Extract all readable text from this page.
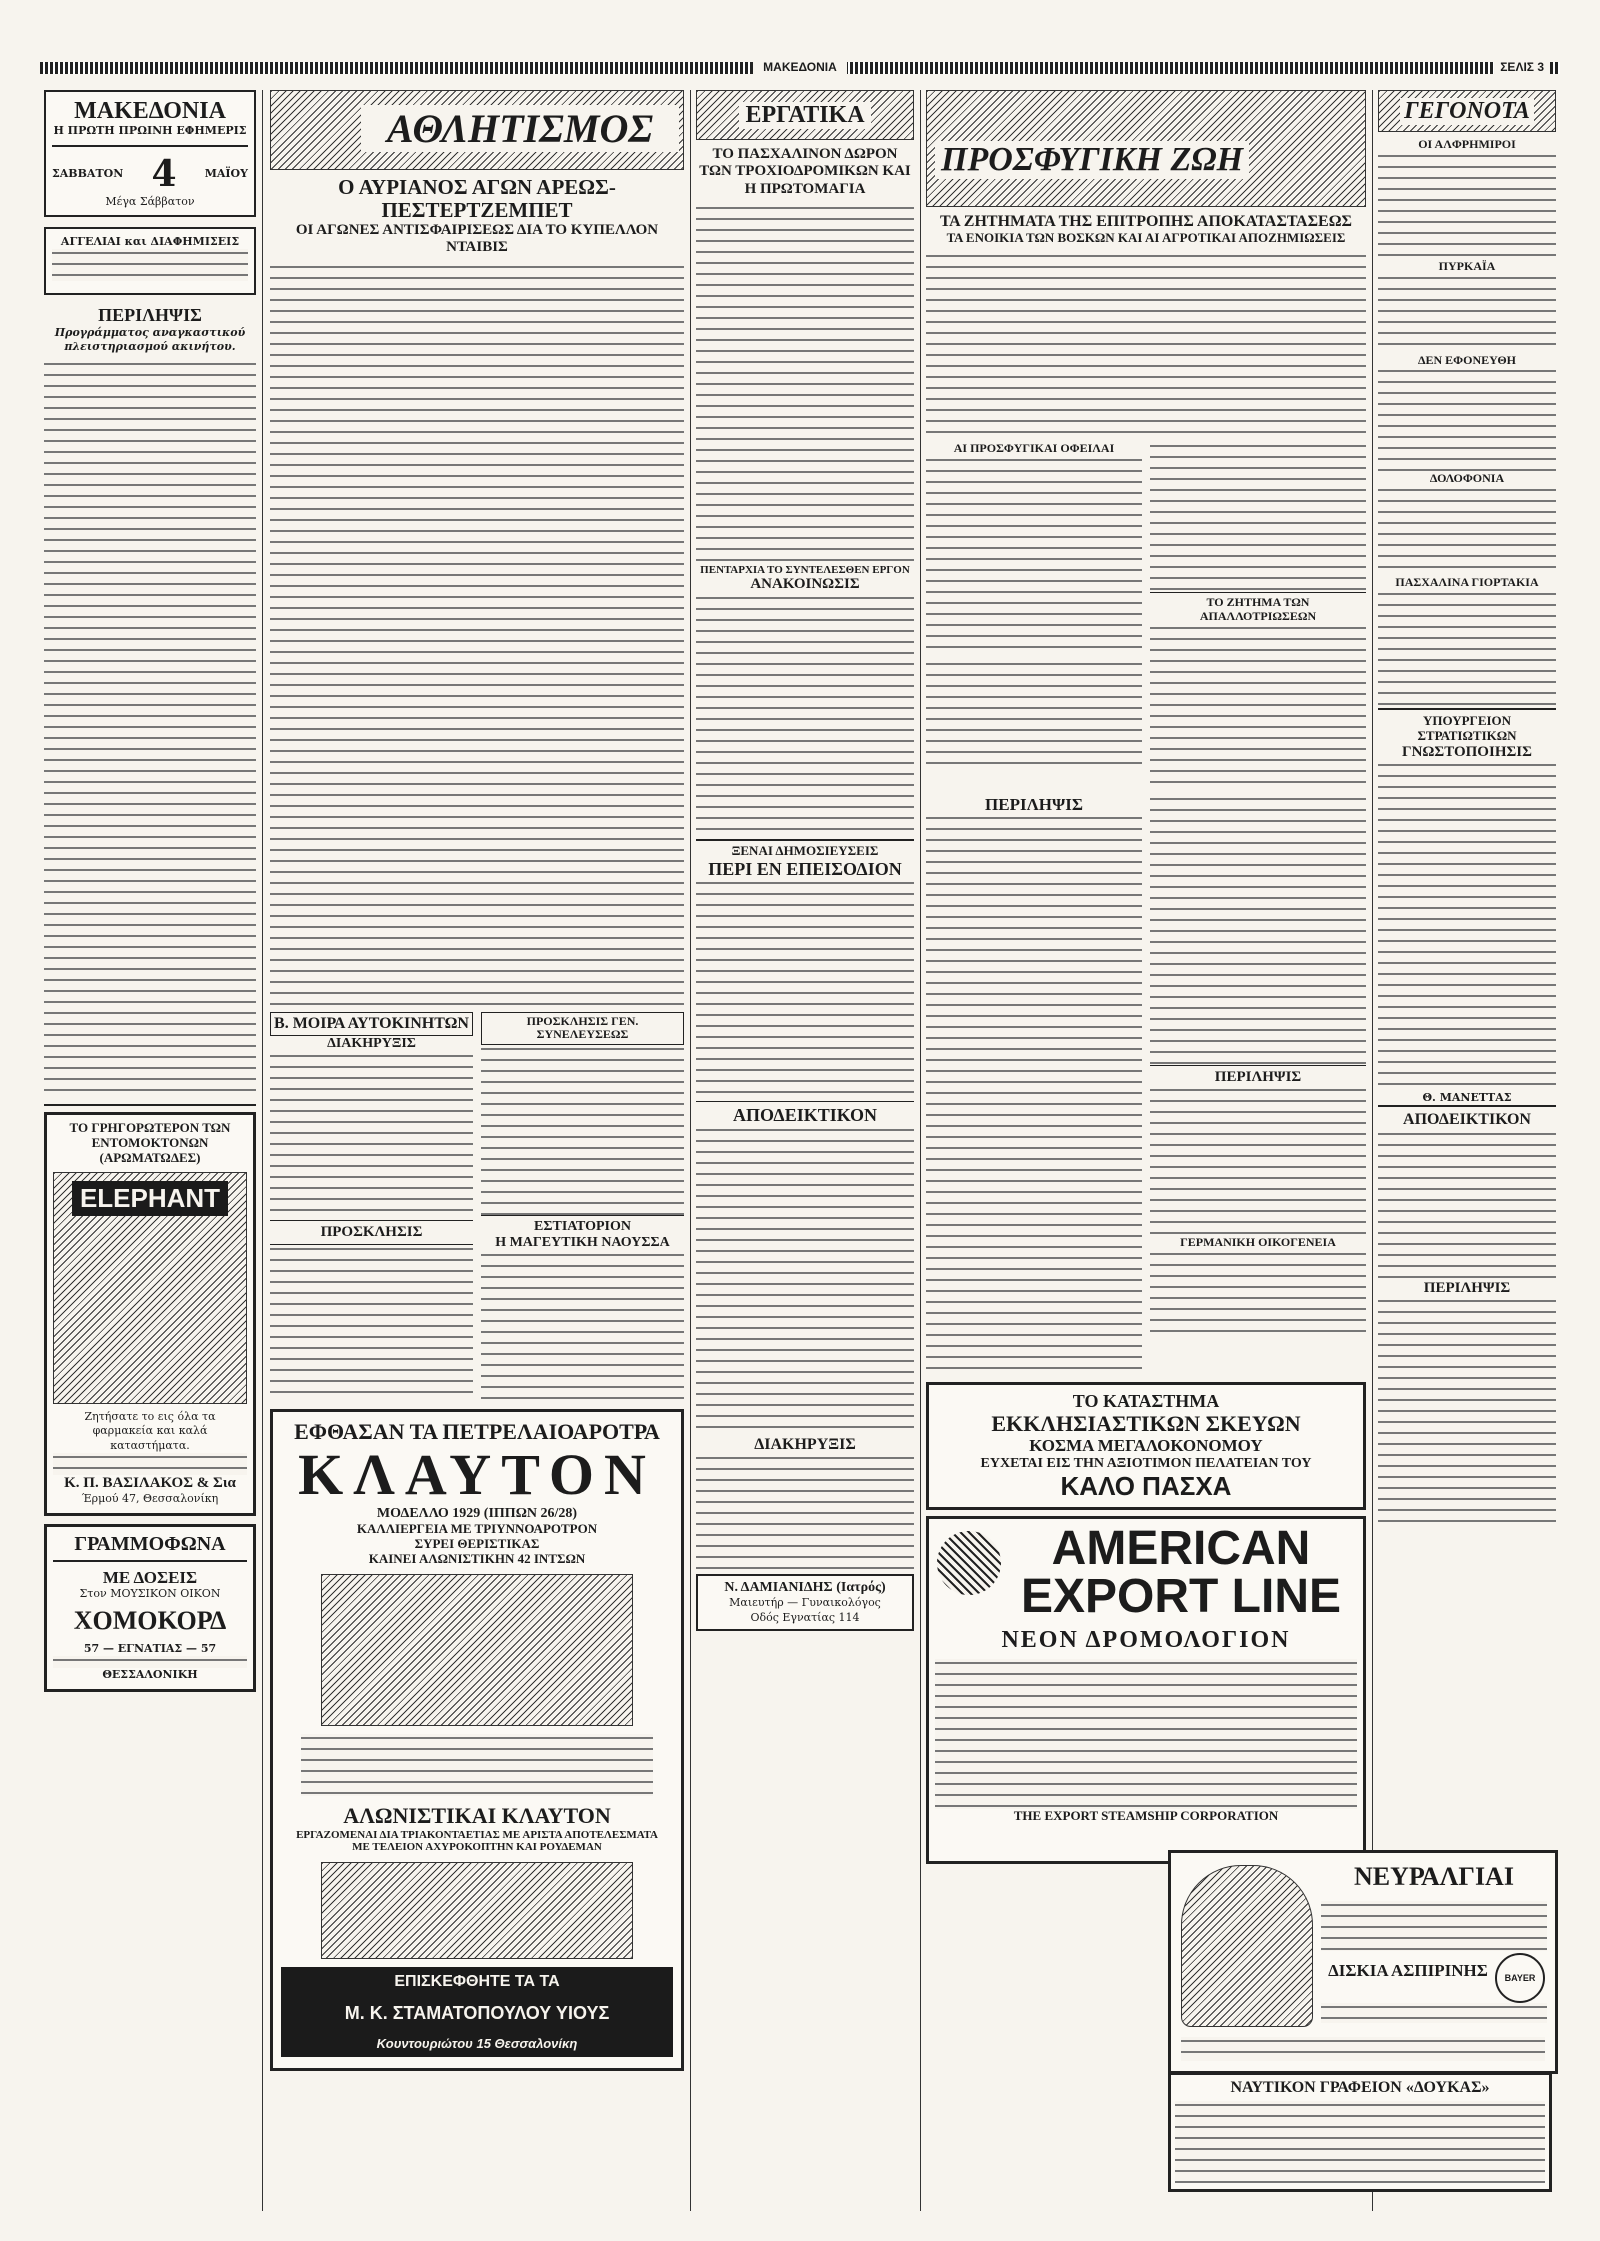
ΜΑΚΕΔΟΝΙΑ	ΣΕΛΙΣ 3
ΜΑΚΕΔΟΝΙΑ
Η ΠΡΩΤΗ ΠΡΩΙΝΗ ΕΦΗΜΕΡΙΣ
ΣΑΒΒΑΤΟΝ 4	ΜΑΪΟΥ
Μέγα Σάββατον
ΑΓΓΕΛΙΑΙ και ΔΙΑΦΗΜΙΣΕΙΣ
ΠΕΡΙΛΗΨΙΣ
Προγράμματος αναγκαστικού πλειστηριασμού ακινήτου.
ΤΟ ΓΡΗΓΟΡΩΤΕΡΟΝ ΤΩΝ ΕΝΤΟΜΟΚΤΟΝΩΝ (ΑΡΩΜΑΤΩΔΕΣ)
ELEPHANT
Ζητήσατε το εις όλα τα φαρμακεία και καλά καταστήματα.
Κ. Π. ΒΑΣΙΛΑΚΟΣ & Σια
Έρμού 47, Θεσσαλονίκη
ΓΡΑΜΜΟΦΩΝΑ
ΜΕ ΔΟΣΕΙΣ
Στον ΜΟΥΣΙΚΟΝ ΟΙΚΟΝ
ΧΟΜΟΚΟΡΔ
57 — ΕΓΝΑΤΙΑΣ — 57
ΘΕΣΣΑΛΟΝΙΚΗ
ΑΘΛΗΤΙΣΜΟΣ
Ο ΑΥΡΙΑΝΟΣ ΑΓΩΝ ΑΡΕΩΣ-ΠΕΣΤΕΡΤΖΕΜΠΕΤ
ΟΙ ΑΓΩΝΕΣ ΑΝΤΙΣΦΑΙΡΙΣΕΩΣ ΔΙΑ ΤΟ ΚΥΠΕΛΛΟΝ ΝΤΑΙΒΙΣ
Β. ΜΟΙΡΑ ΑΥΤΟΚΙΝΗΤΩΝ
ΔΙΑΚΗΡΥΞΙΣ
ΠΡΟΣΚΛΗΣΙΣ
ΠΡΟΣΚΛΗΣΙΣ ΓΕΝ. ΣΥΝΕΛΕΥΣΕΩΣ
ΕΣΤΙΑΤΟΡΙΟΝ
Η ΜΑΓΕΥΤΙΚΗ ΝΑΟΥΣΣΑ
ΕΦΘΑΣΑΝ ΤΑ ΠΕΤΡΕΛΑΙΟΑΡΟΤΡΑ
ΚΛΑΥΤΟΝ
ΜΟΔΕΛΛΟ 1929 (ΙΠΠΩΝ 26/28)
ΚΑΛΛΙΕΡΓΕΙΑ ΜΕ ΤΡΙΥΝΝΟΑΡΟΤΡΟΝ
ΣΥΡΕΙ ΘΕΡΙΣΤΙΚΑΣ
ΚΑΙΝΕΙ ΑΛΩΝΙΣΤΙΚΗΝ 42 ΙΝΤΣΩΝ
ΑΛΩΝΙΣΤΙΚΑΙ ΚΛΑΥΤΟΝ
ΕΡΓΑΖΟΜΕΝΑΙ ΔΙΑ ΤΡΙΑΚΟΝΤΑΕΤΙΑΣ ΜΕ ΑΡΙΣΤΑ ΑΠΟΤΕΛΕΣΜΑΤΑ
ΜΕ ΤΕΛΕΙΟΝ ΑΧΥΡΟΚΟΠΤΗΝ ΚΑΙ ΡΟΥΔΕΜΑΝ
ΕΠΙΣΚΕΦΘΗΤΕ ΤΑ ΤΑ
Μ. Κ. ΣΤΑΜΑΤΟΠΟΥΛΟΥ ΥΙΟΥΣ
Κουντουριώτου 15 Θεσσαλονίκη
ΕΡΓΑΤΙΚΑ
ΤΟ ΠΑΣΧΑΛΙΝΟΝ ΔΩΡΟΝ ΤΩΝ ΤΡΟΧΙΟΔΡΟΜΙΚΩΝ ΚΑΙ Η ΠΡΩΤΟΜΑΓΙΑ
ΠΕΝΤΑΡΧΙΑ ΤΟ ΣΥΝΤΕΛΕΣΘΕΝ ΕΡΓΟΝ
ΑΝΑΚΟΙΝΩΣΙΣ
ΞΕΝΑΙ ΔΗΜΟΣΙΕΥΣΕΙΣ
ΠΕΡΙ ΕΝ ΕΠΕΙΣΟΔΙΟΝ
ΑΠΟΔΕΙΚΤΙΚΟΝ
ΔΙΑΚΗΡΥΞΙΣ
Ν. ΔΑΜΙΑΝΙΔΗΣ (Ιατρός)
Μαιευτήρ — Γυναικολόγος
Οδός Εγνατίας 114
ΠΡΟΣΦΥΓΙΚΗ ΖΩΗ
ΤΑ ΖΗΤΗΜΑΤΑ ΤΗΣ ΕΠΙΤΡΟΠΗΣ ΑΠΟΚΑΤΑΣΤΑΣΕΩΣ
ΤΑ ΕΝΟΙΚΙΑ ΤΩΝ ΒΟΣΚΩΝ ΚΑΙ ΑΙ ΑΓΡΟΤΙΚΑΙ ΑΠΟΖΗΜΙΩΣΕΙΣ
ΑΙ ΠΡΟΣΦΥΓΙΚΑΙ ΟΦΕΙΛΑΙ
ΤΟ ΖΗΤΗΜΑ ΤΩΝ ΑΠΑΛΛΟΤΡΙΩΣΕΩΝ
ΠΕΡΙΛΗΨΙΣ
ΠΕΡΙΛΗΨΙΣ
ΓΕΡΜΑΝΙΚΗ ΟΙΚΟΓΕΝΕΙΑ
ΤΟ ΚΑΤΑΣΤΗΜΑ
ΕΚΚΛΗΣΙΑΣΤΙΚΩΝ ΣΚΕΥΩΝ
ΚΟΣΜΑ ΜΕΓΑΛΟΚΟΝΟΜΟΥ
ΕΥΧΕΤΑΙ ΕΙΣ ΤΗΝ ΑΞΙΟΤΙΜΟΝ ΠΕΛΑΤΕΙΑΝ ΤΟΥ
ΚΑΛΟ ΠΑΣΧΑ
AMERICAN EXPORT LINE
ΝΕΟΝ ΔΡΟΜΟΛΟΓΙΟΝ
THE EXPORT STEAMSHIP CORPORATION
ΓΕΓΟΝΟΤΑ
ΟΙ ΑΛΦΡΗΜΙΡΟΙ
ΠΥΡΚΑΪΑ
ΔΕΝ ΕΦΟΝΕΥΘΗ
ΔΟΛΟΦΟΝΙΑ
ΠΑΣΧΑΛΙΝΑ ΓΙΟΡΤΑΚΙΑ
ΥΠΟΥΡΓΕΙΟΝ ΣΤΡΑΤΙΩΤΙΚΩΝ
ΓΝΩΣΤΟΠΟΙΗΣΙΣ
Θ. ΜΑΝΕΤΤΑΣ
ΑΠΟΔΕΙΚΤΙΚΟΝ
ΠΕΡΙΛΗΨΙΣ
ΝΕΥΡΑΛΓΙΑΙ
ΔΙΣΚΙΑ ΑΣΠΙΡΙΝΗΣ	BAYER
ΝΑΥΤΙΚΟΝ ΓΡΑΦΕΙΟΝ «ΔΟΥΚΑΣ»
